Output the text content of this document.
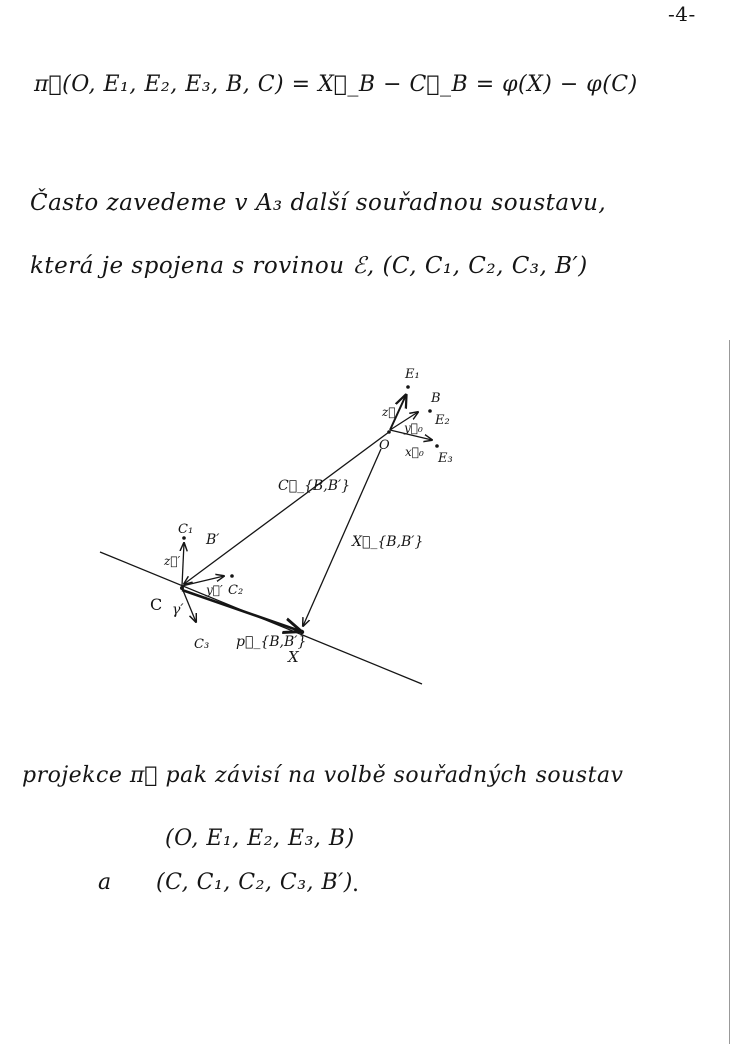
-4-
π⃗(O, E₁, E₂, E₃, B, C) = X⃗_B − C⃗_B = φ(X) − φ(C)
Často zavedeme v A₃ další souřadnou soustavu,
která je spojena s rovinou ℰ, (C, C₁, C₂, C₃, B′)
E₁
B
E₂
z⃗
y⃗₀
O x⃗₀ E₃
C⃗_{B,B′}
X⃗_{B,B′}
C₁
B′
z⃗′
y⃗′ C₂
C γ′
C₃ p⃗_{B,B′}
X
projekce π⃗ pak závisí na volbě souřadných soustav
(O, E₁, E₂, E₃, B)
a (C, C₁, C₂, C₃, B′) .
